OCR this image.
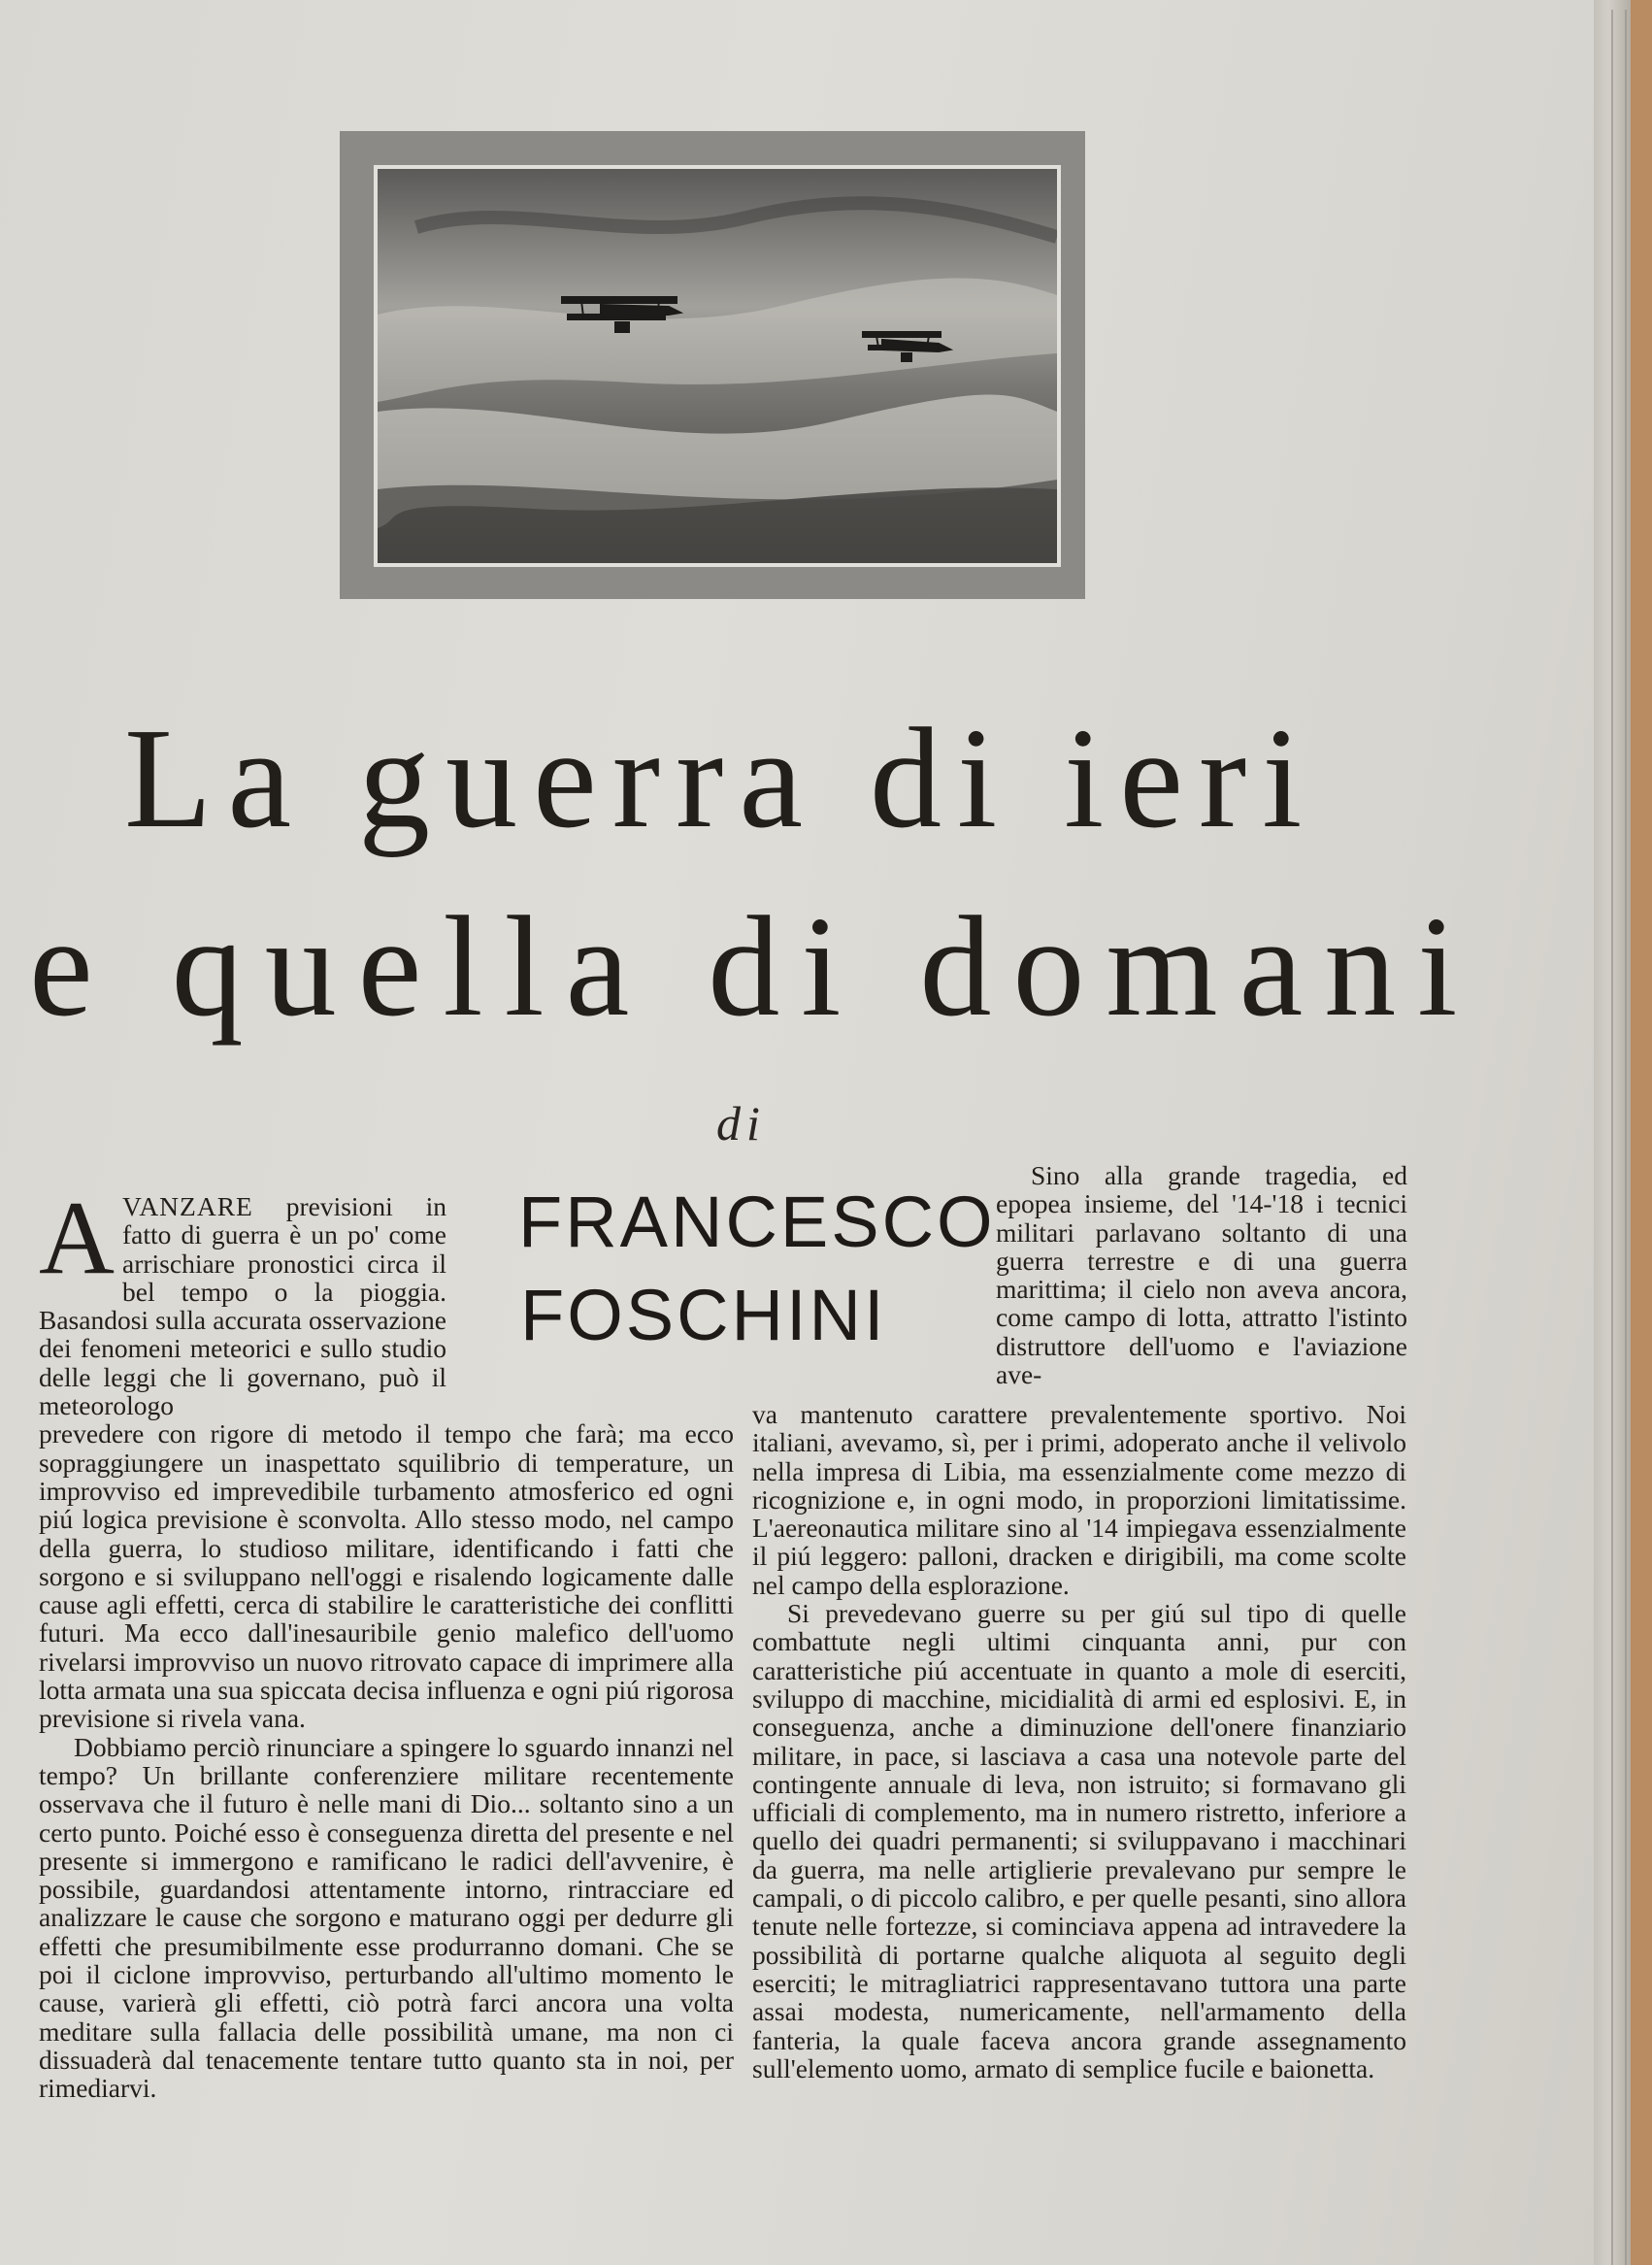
La guerra di ieri
e quella di domani
di
FRANCESCO
FOSCHINI

AVANZARE previsioni in fatto di guerra è un po' come arrischiare pronostici circa il bel tempo o la pioggia. Basandosi sulla accurata osservazione dei fenomeni meteorici e sullo studio delle leggi che li governano, può il meteorologo

prevedere con rigore di metodo il tempo che farà; ma ecco sopraggiungere un inaspettato squilibrio di temperature, un improvviso ed imprevedibile turbamento atmosferico ed ogni piú logica previsione è sconvolta. Allo stesso modo, nel campo della guerra, lo studioso militare, identificando i fatti che sorgono e si sviluppano nell'oggi e risalendo logicamente dalle cause agli effetti, cerca di stabilire le caratteristiche dei conflitti futuri. Ma ecco dall'inesauribile genio malefico dell'uomo rivelarsi improvviso un nuovo ritrovato capace di imprimere alla lotta armata una sua spiccata decisa influenza e ogni piú rigorosa previsione si rivela vana.

Dobbiamo perciò rinunciare a spingere lo sguardo innanzi nel tempo? Un brillante conferenziere militare recentemente osservava che il futuro è nelle mani di Dio... soltanto sino a un certo punto. Poiché esso è conseguenza diretta del presente e nel presente si immergono e ramificano le radici dell'avvenire, è possibile, guardandosi attentamente intorno, rintracciare ed analizzare le cause che sorgono e maturano oggi per dedurre gli effetti che presumibilmente esse produrranno domani. Che se poi il ciclone improvviso, perturbando all'ultimo momento le cause, varierà gli effetti, ciò potrà farci ancora una volta meditare sulla fallacia delle possibilità umane, ma non ci dissuaderà dal tenacemente tentare tutto quanto sta in noi, per rimediarvi.

Sino alla grande tragedia, ed epopea insieme, del '14-'18 i tecnici militari parlavano soltanto di una guerra terrestre e di una guerra marittima; il cielo non aveva ancora, come campo di lotta, attratto l'istinto distruttore dell'uomo e l'aviazione ave-

va mantenuto carattere prevalentemente sportivo. Noi italiani, avevamo, sì, per i primi, adoperato anche il velivolo nella impresa di Libia, ma essenzialmente come mezzo di ricognizione e, in ogni modo, in proporzioni limitatissime. L'aereonautica militare sino al '14 impiegava essenzialmente il piú leggero: palloni, dracken e dirigibili, ma come scolte nel campo della esplorazione.

Si prevedevano guerre su per giú sul tipo di quelle combattute negli ultimi cinquanta anni, pur con caratteristiche piú accentuate in quanto a mole di eserciti, sviluppo di macchine, micidialità di armi ed esplosivi. E, in conseguenza, anche a diminuzione dell'onere finanziario militare, in pace, si lasciava a casa una notevole parte del contingente annuale di leva, non istruito; si formavano gli ufficiali di complemento, ma in numero ristretto, inferiore a quello dei quadri permanenti; si sviluppavano i macchinari da guerra, ma nelle artiglierie prevalevano pur sempre le campali, o di piccolo calibro, e per quelle pesanti, sino allora tenute nelle fortezze, si cominciava appena ad intravedere la possibilità di portarne qualche aliquota al seguito degli eserciti; le mitragliatrici rappresentavano tuttora una parte assai modesta, numericamente, nell'armamento della fanteria, la quale faceva ancora grande assegnamento sull'elemento uomo, armato di semplice fucile e baionetta.
